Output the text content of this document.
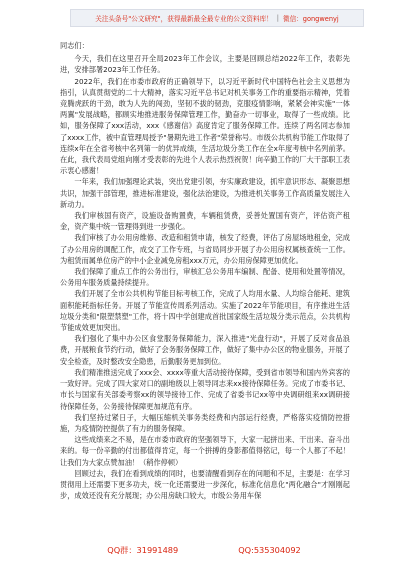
关注头条号"公文研究"，获得最新最全最专业的公文资料库！ | 微信：gongwenyj

同志们：

今天，我们在这里召开全局2023年工作会议，主要是回顾总结2022年工作，表彰先进，安排部署2023年工作任务。

2022年，我们在市委市政府的正确领导下，以习近平新时代中国特色社会主义思想为指引，认真贯彻党的二十大精神，落实习近平总书记对机关事务工作的重要指示精神，凭着竞腾虎跃的干劲，敢为人先的闯劲，坚韧不拔的韧劲，克服疫情影响，紧紧会神实施"一体两翼"发展战略，都顾实地推进服务保障管理工作，勤奋办一切事业，取得了一些成绩。比如，服务保障了xxx活动，xxx《感谢信》高度肯定了服务保障工作。连续了两名同志参加了xxxx工作，被中直管理局授予"暑期先进工作者"荣誉称号。市级公共机构节能工作取得了连续x年在全省考核中名列第一的优异成绩，生活垃圾分类工作在全x年度考核中名列前茅。在此，我代表局党组向刚才受表彰的先进个人表示热烈祝贺！向辛勤工作的厂大干部职工表示衷心感谢！

一年来，我们加强理论武装，突出党建引领，夯实廉政建设，抓牢意识形态、凝聚思想共识，加强干部管理，推进标准建设，强化法治建设，为推进机关事务工作高质量发展注入新动力。

我们审核国有资产，设施设备购置费，车辆租赁费，妥善处置国有资产，评估资产租金，资产集中统一管理得到进一步强化。

我们审核了办公用房维修、改造和租赁申请，核发了经费，评估了房屋场地租金，完成了办公用房的调配工作，成交了工作专班，与省局同步开展了办公用房权属核查统一工作。为租赁而属单位房产的中小企业减免房租xxx万元，办公用房保障更加优化。

我们保障了重点工作的公务出行，审核汇总公务用车编制、配备、使用和处置等情况，公务用车服务质量持续提升。

我们开展了全市公共机构节能目标考核工作，完成了人均用水量、人均综合能耗、建筑面积能耗指标任务。开展了节能宣传周系列活动。实施了2022年节能项目，有序推进生活垃圾分类和"限塑禁塑"工作，将十四中学创建成首批国家级生活垃圾分类示范点，公共机构节能成效更加突出。

我们强化了集中办公区食堂服务保障能力，深入推进"光盘行动"，开展了反对食品浪费，开展粮食节约行动，做好了会务服务保障工作，做好了集中办公区的物业服务，开展了安全检查，及时整改安全隐患，后勤服务更加到位。

我们精准推送完成了xxx会、xxxx等重大活动接待保障，受到省市领导和国内外宾客的一致好评。完成了四大家对口的副地级以上领导同志来xx接待保障任务。完成了市委书记、市长与国家有关部委考察xx的领导接待工作、完成了省委书记xx等中央调研组来xx调研接待保障任务，公务接待保障更加规范有序。

我们坚持过紧日子，大幅压缩机关事务类经费和内部运行经费，严格落实疫情防控措施，为疫情防控提供了有力的服务保障。

这些成绩来之不易，是在市委市政府的坚强领导下，大家一起拼出来、干出来、奋斗出来的。每一份辛勤的付出都值得肯定，每一个拼搏的身影都值得铭记，每一个人都了不起！让我们为大家点赞加油！（稍作停顿）

回顾过去，我们在看到成绩的同时，也要清醒看到存在的问题和不足，主要是：在学习贯彻用上还需要下更多功夫，统一化还需要进一步深化，标准化信息化"两化融合"才刚刚起步，成效还没有充分展现；办公用房缺口较大，市级公务用车保

QQ群：31991489	QQ:535304092
